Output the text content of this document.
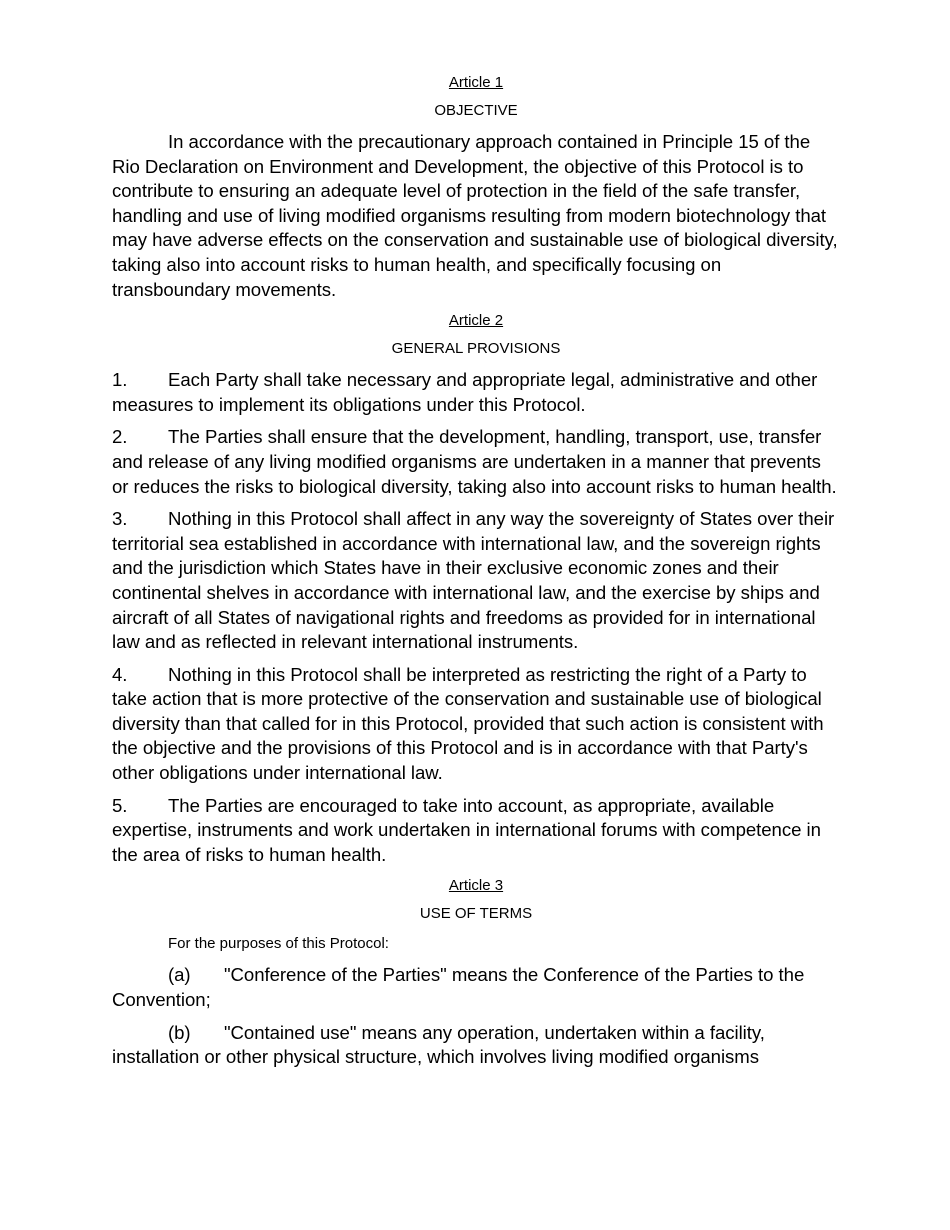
Article 1
OBJECTIVE

In accordance with the precautionary approach contained in Principle 15 of the Rio Declaration on Environment and Development, the objective of this Protocol is to contribute to ensuring an adequate level of protection in the field of the safe transfer, handling and use of living modified organisms resulting from modern biotechnology that may have adverse effects on the conservation and sustainable use of biological diversity, taking also into account risks to human health, and specifically focusing on transboundary movements.

Article 2
GENERAL PROVISIONS

1. Each Party shall take necessary and appropriate legal, administrative and other measures to implement its obligations under this Protocol.

2. The Parties shall ensure that the development, handling, transport, use, transfer and release of any living modified organisms are undertaken in a manner that prevents or reduces the risks to biological diversity, taking also into account risks to human health.

3. Nothing in this Protocol shall affect in any way the sovereignty of States over their territorial sea established in accordance with international law, and the sovereign rights and the jurisdiction which States have in their exclusive economic zones and their continental shelves in accordance with international law, and the exercise by ships and aircraft of all States of navigational rights and freedoms as provided for in international law and as reflected in relevant international instruments.

4. Nothing in this Protocol shall be interpreted as restricting the right of a Party to take action that is more protective of the conservation and sustainable use of biological diversity than that called for in this Protocol, provided that such action is consistent with the objective and the provisions of this Protocol and is in accordance with that Party's other obligations under international law.

5. The Parties are encouraged to take into account, as appropriate, available expertise, instruments and work undertaken in international forums with competence in the area of risks to human health.

Article 3
USE OF TERMS
For the purposes of this Protocol:

(a) "Conference of the Parties" means the Conference of the Parties to the Convention;

(b) "Contained use" means any operation, undertaken within a facility, installation or other physical structure, which involves living modified organisms
